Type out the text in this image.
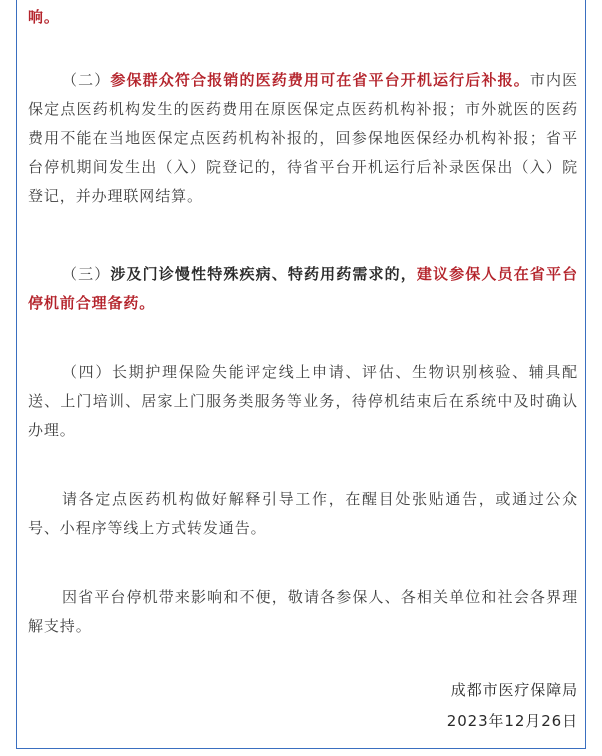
响。

（二）参保群众符合报销的医药费用可在省平台开机运行后补报。市内医保定点医药机构发生的医药费用在原医保定点医药机构补报；市外就医的医药费用不能在当地医保定点医药机构补报的，回参保地医保经办机构补报；省平台停机期间发生出（入）院登记的，待省平台开机运行后补录医保出（入）院登记，并办理联网结算。

（三）涉及门诊慢性特殊疾病、特药用药需求的，建议参保人员在省平台停机前合理备药。

（四）长期护理保险失能评定线上申请、评估、生物识别核验、辅具配送、上门培训、居家上门服务类服务等业务，待停机结束后在系统中及时确认办理。

请各定点医药机构做好解释引导工作，在醒目处张贴通告，或通过公众号、小程序等线上方式转发通告。

因省平台停机带来影响和不便，敬请各参保人、各相关单位和社会各界理解支持。

成都市医疗保障局

2023年12月26日
